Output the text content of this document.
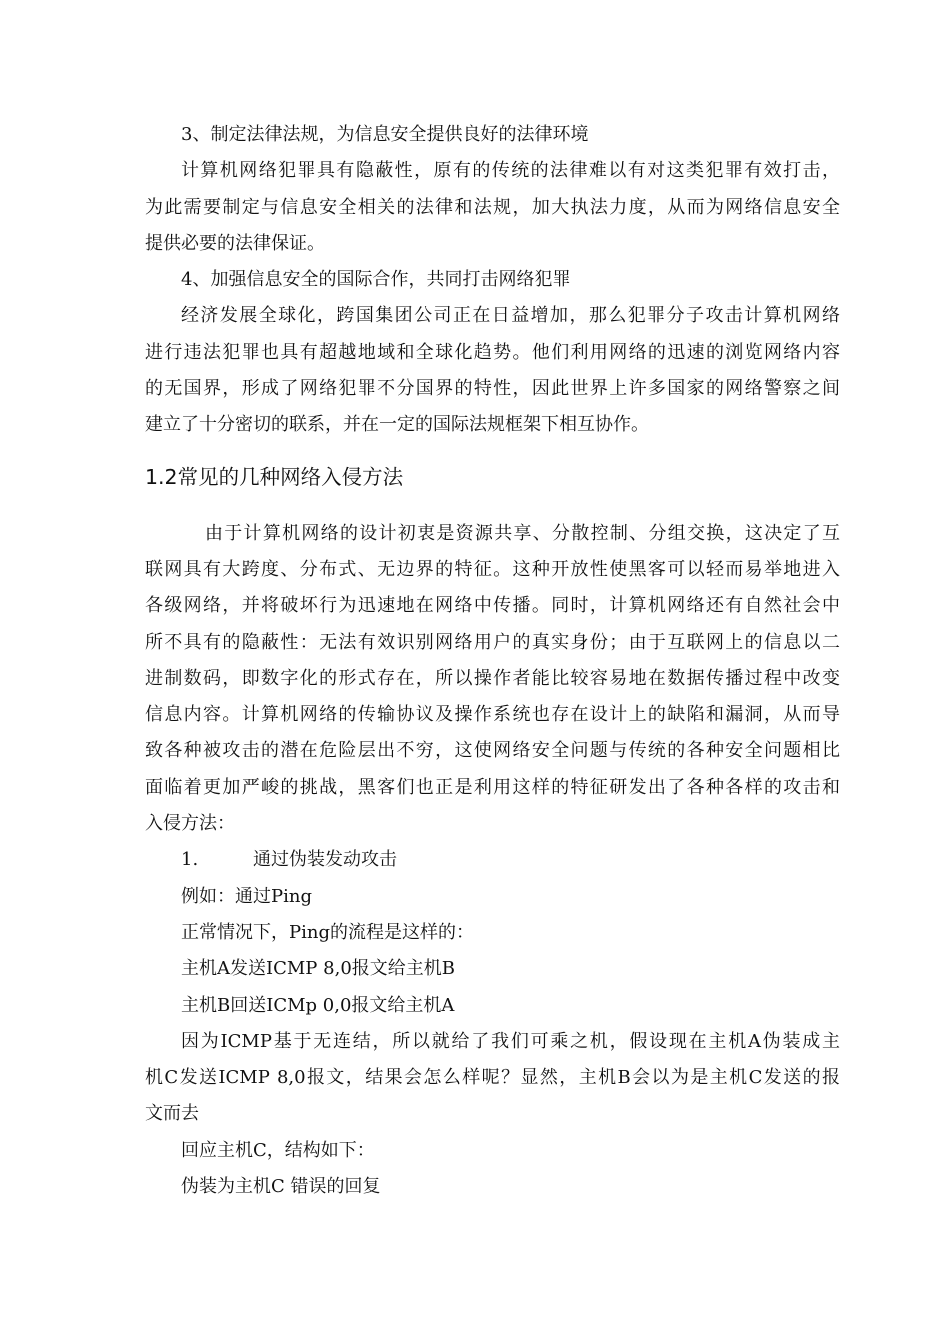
3、制定法律法规，为信息安全提供良好的法律环境
计算机网络犯罪具有隐蔽性，原有的传统的法律难以有对这类犯罪有效打击，
为此需要制定与信息安全相关的法律和法规，加大执法力度，从而为网络信息安全
提供必要的法律保证。
4、加强信息安全的国际合作，共同打击网络犯罪
经济发展全球化，跨国集团公司正在日益增加，那么犯罪分子攻击计算机网络
进行违法犯罪也具有超越地域和全球化趋势。他们利用网络的迅速的浏览网络内容
的无国界，形成了网络犯罪不分国界的特性，因此世界上许多国家的网络警察之间
建立了十分密切的联系，并在一定的国际法规框架下相互协作。
1.2常见的几种网络入侵方法
由于计算机网络的设计初衷是资源共享、分散控制、分组交换，这决定了互
联网具有大跨度、分布式、无边界的特征。这种开放性使黑客可以轻而易举地进入
各级网络，并将破坏行为迅速地在网络中传播。同时，计算机网络还有自然社会中
所不具有的隐蔽性：无法有效识别网络用户的真实身份；由于互联网上的信息以二
进制数码，即数字化的形式存在，所以操作者能比较容易地在数据传播过程中改变
信息内容。计算机网络的传输协议及操作系统也存在设计上的缺陷和漏洞，从而导
致各种被攻击的潜在危险层出不穷，这使网络安全问题与传统的各种安全问题相比
面临着更加严峻的挑战，黑客们也正是利用这样的特征研发出了各种各样的攻击和
入侵方法：
1.	通过伪装发动攻击
例如：通过Ping
正常情况下，Ping的流程是这样的：
主机A发送ICMP 8,0报文给主机B
主机B回送ICMp 0,0报文给主机A
因为ICMP基于无连结，所以就给了我们可乘之机，假设现在主机A伪装成主
机C发送ICMP 8,0报文，结果会怎么样呢？显然，主机B会以为是主机C发送的报
文而去
回应主机C，结构如下：
伪装为主机C 错误的回复
